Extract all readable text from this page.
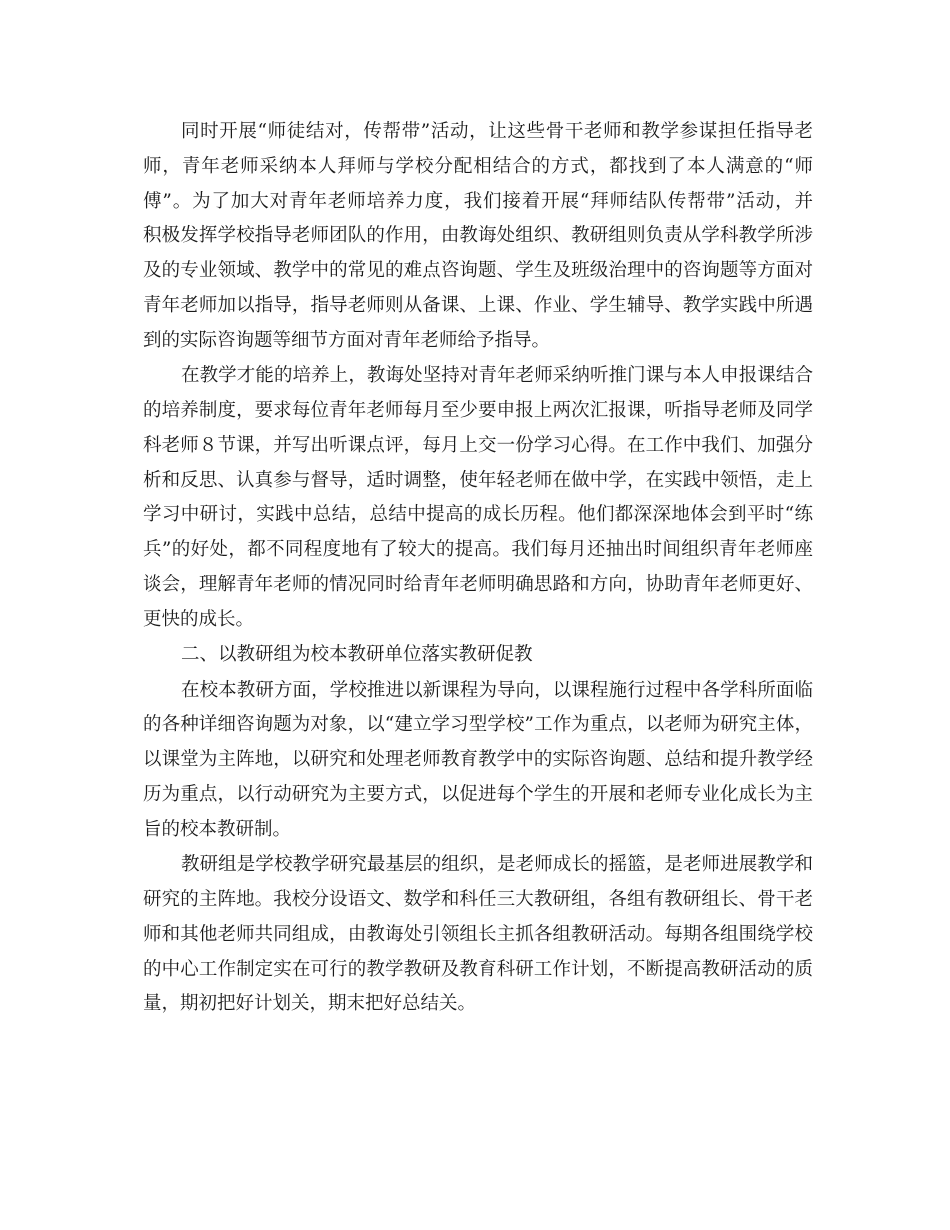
同时开展“师徒结对，传帮带”活动，让这些骨干老师和教学参谋担任指导老
师，青年老师采纳本人拜师与学校分配相结合的方式，都找到了本人满意的“师
傅”。为了加大对青年老师培养力度，我们接着开展“拜师结队传帮带”活动，并
积极发挥学校指导老师团队的作用，由教诲处组织、教研组则负责从学科教学所涉
及的专业领域、教学中的常见的难点咨询题、学生及班级治理中的咨询题等方面对
青年老师加以指导，指导老师则从备课、上课、作业、学生辅导、教学实践中所遇
到的实际咨询题等细节方面对青年老师给予指导。
在教学才能的培养上，教诲处坚持对青年老师采纳听推门课与本人申报课结合
的培养制度，要求每位青年老师每月至少要申报上两次汇报课，听指导老师及同学
科老师８节课，并写出听课点评，每月上交一份学习心得。在工作中我们、加强分
析和反思、认真参与督导，适时调整，使年轻老师在做中学，在实践中领悟，走上
学习中研讨，实践中总结，总结中提高的成长历程。他们都深深地体会到平时“练
兵”的好处，都不同程度地有了较大的提高。我们每月还抽出时间组织青年老师座
谈会，理解青年老师的情况同时给青年老师明确思路和方向，协助青年老师更好、
更快的成长。
二、以教研组为校本教研单位落实教研促教
在校本教研方面，学校推进以新课程为导向，以课程施行过程中各学科所面临
的各种详细咨询题为对象，以“建立学习型学校”工作为重点，以老师为研究主体，
以课堂为主阵地，以研究和处理老师教育教学中的实际咨询题、总结和提升教学经
历为重点，以行动研究为主要方式，以促进每个学生的开展和老师专业化成长为主
旨的校本教研制。
教研组是学校教学研究最基层的组织，是老师成长的摇篮，是老师进展教学和
研究的主阵地。我校分设语文、数学和科任三大教研组，各组有教研组长、骨干老
师和其他老师共同组成，由教诲处引领组长主抓各组教研活动。每期各组围绕学校
的中心工作制定实在可行的教学教研及教育科研工作计划，不断提高教研活动的质
量，期初把好计划关，期末把好总结关。
